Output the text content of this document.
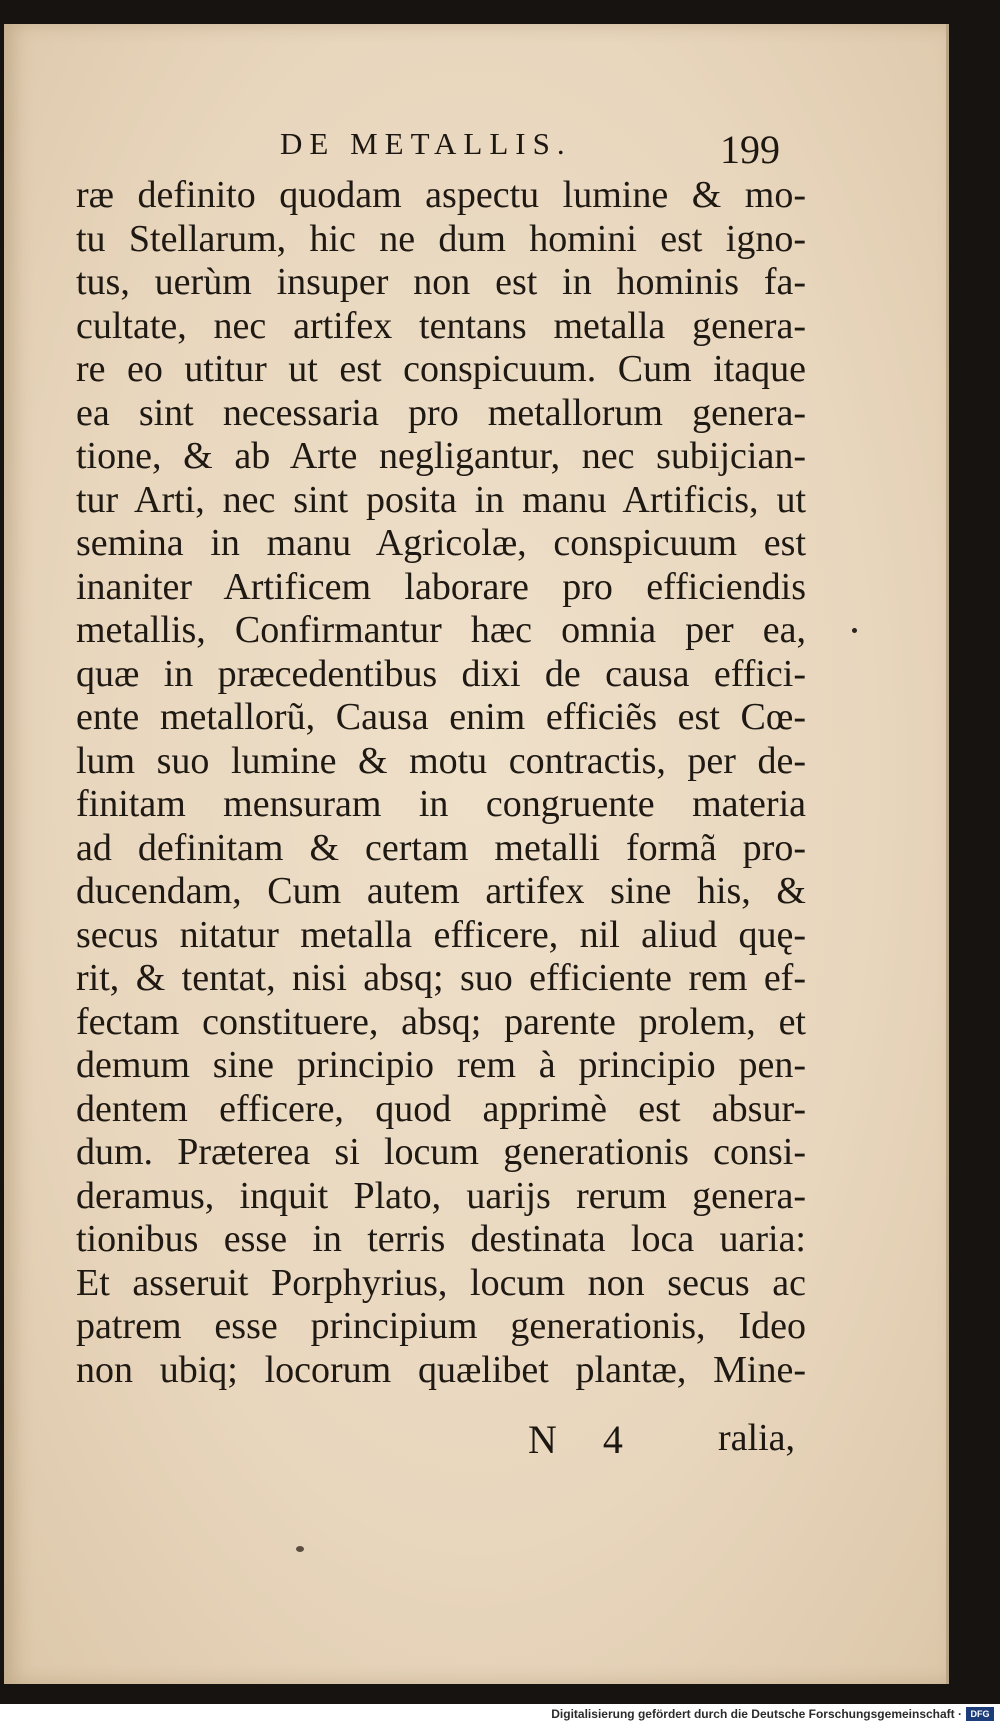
DE METALLIS.	199
ræ definito quodam aspectu lumine & mo-
tu Stellarum, hic ne dum homini est igno-
tus, uerùm insuper non est in hominis fa-
cultate, nec artifex tentans metalla genera-
re eo utitur ut est conspicuum. Cum itaque
ea sint necessaria pro metallorum genera-
tione, & ab Arte negligantur, nec subijcian-
tur Arti, nec sint posita in manu Artificis, ut
semina in manu Agricolæ, conspicuum est
inaniter Artificem laborare pro efficiendis
metallis, Confirmantur hæc omnia per ea,
quæ in præcedentibus dixi de causa effici-
ente metallorũ, Causa enim efficiẽs est Cœ-
lum suo lumine & motu contractis, per de-
finitam mensuram in congruente materia
ad definitam & certam metalli formã pro-
ducendam, Cum autem artifex sine his, &
secus nitatur metalla efficere, nil aliud quę-
rit, & tentat, nisi absq; suo efficiente rem ef-
fectam constituere, absq; parente prolem, et
demum sine principio rem à principio pen-
dentem efficere, quod apprimè est absur-
dum. Præterea si locum generationis consi-
deramus, inquit Plato, uarijs rerum genera-
tionibus esse in terris destinata loca uaria:
Et asseruit Porphyrius, locum non secus ac
patrem esse principium generationis, Ideo
non ubiq; locorum quælibet plantæ, Mine-
N 4 ralia,
Digitalisierung gefördert durch die Deutsche Forschungsgemeinschaft · DFG
